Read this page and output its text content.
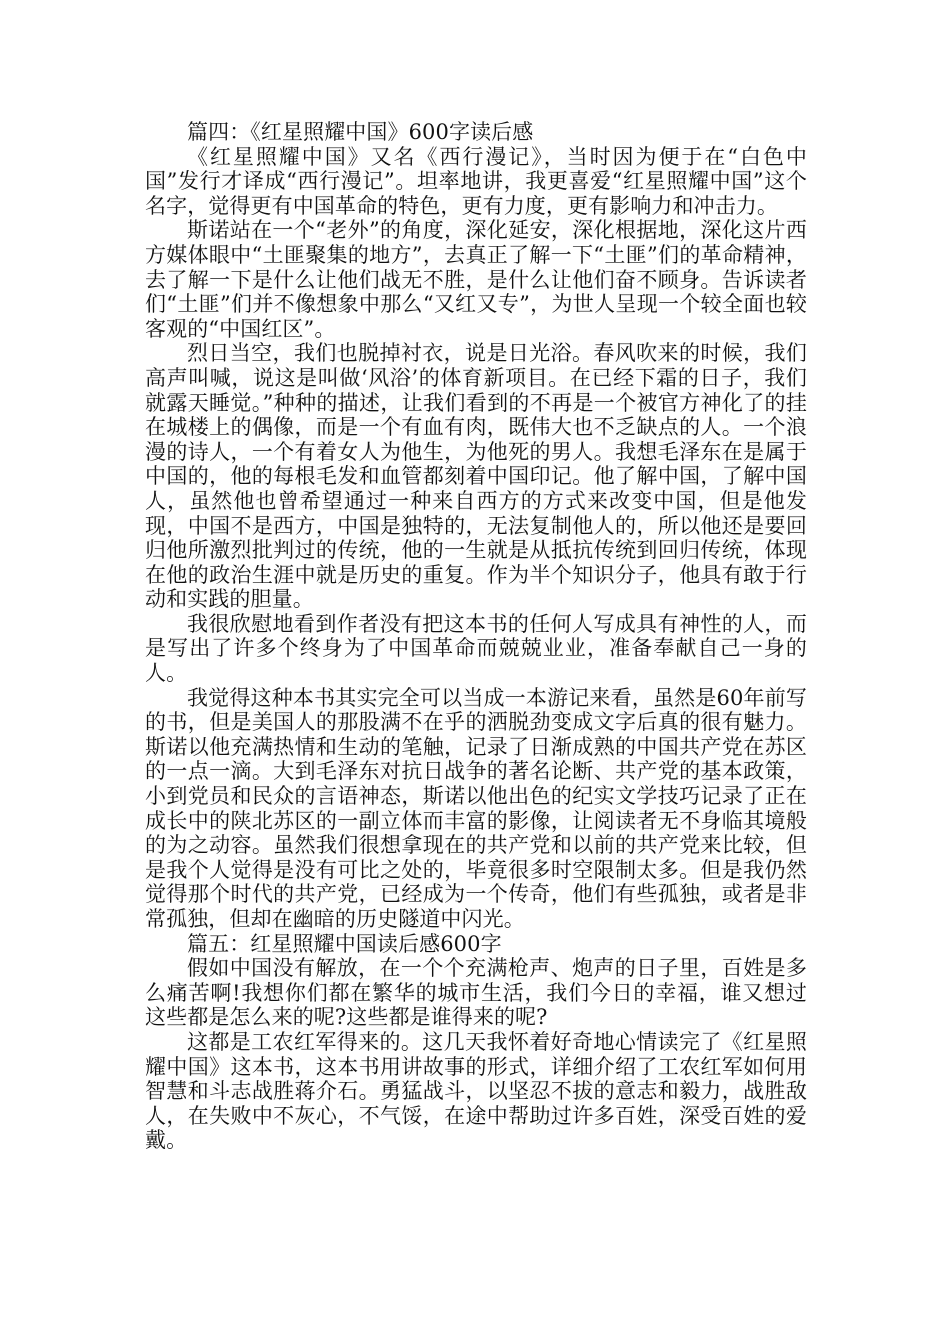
篇四：《红星照耀中国》600字读后感

《红星照耀中国》又名《西行漫记》，当时因为便于在“白色中国”发行才译成“西行漫记”。坦率地讲，我更喜爱“红星照耀中国”这个名字，觉得更有中国革命的特色，更有力度，更有影响力和冲击力。

斯诺站在一个“老外”的角度，深化延安，深化根据地，深化这片西方媒体眼中“土匪聚集的地方”，去真正了解一下“土匪”们的革命精神，去了解一下是什么让他们战无不胜，是什么让他们奋不顾身。告诉读者们“土匪”们并不像想象中那么“又红又专”，为世人呈现一个较全面也较客观的“中国红区”。

烈日当空，我们也脱掉衬衣，说是日光浴。春风吹来的时候，我们高声叫喊，说这是叫做‘风浴’的体育新项目。在已经下霜的日子，我们就露天睡觉。”种种的描述，让我们看到的不再是一个被官方神化了的挂在城楼上的偶像，而是一个有血有肉，既伟大也不乏缺点的人。一个浪漫的诗人，一个有着女人为他生，为他死的男人。我想毛泽东在是属于中国的，他的每根毛发和血管都刻着中国印记。他了解中国，了解中国人，虽然他也曾希望通过一种来自西方的方式来改变中国，但是他发现，中国不是西方，中国是独特的，无法复制他人的，所以他还是要回归他所激烈批判过的传统，他的一生就是从抵抗传统到回归传统，体现在他的政治生涯中就是历史的重复。作为半个知识分子，他具有敢于行动和实践的胆量。

我很欣慰地看到作者没有把这本书的任何人写成具有神性的人，而是写出了许多个终身为了中国革命而兢兢业业，准备奉献自己一身的人。

我觉得这种本书其实完全可以当成一本游记来看，虽然是60年前写的书，但是美国人的那股满不在乎的洒脱劲变成文字后真的很有魅力。斯诺以他充满热情和生动的笔触，记录了日渐成熟的中国共产党在苏区的一点一滴。大到毛泽东对抗日战争的著名论断、共产党的基本政策，小到党员和民众的言语神态，斯诺以他出色的纪实文学技巧记录了正在成长中的陕北苏区的一副立体而丰富的影像，让阅读者无不身临其境般的为之动容。虽然我们很想拿现在的共产党和以前的共产党来比较，但是我个人觉得是没有可比之处的，毕竟很多时空限制太多。但是我仍然觉得那个时代的共产党，已经成为一个传奇，他们有些孤独，或者是非常孤独，但却在幽暗的历史隧道中闪光。

篇五：红星照耀中国读后感600字

假如中国没有解放，在一个个充满枪声、炮声的日子里，百姓是多么痛苦啊!我想你们都在繁华的城市生活，我们今日的幸福，谁又想过这些都是怎么来的呢?这些都是谁得来的呢?

这都是工农红军得来的。这几天我怀着好奇地心情读完了《红星照耀中国》这本书，这本书用讲故事的形式，详细介绍了工农红军如何用智慧和斗志战胜蒋介石。勇猛战斗，以坚忍不拔的意志和毅力，战胜敌人，在失败中不灰心，不气馁，在途中帮助过许多百姓，深受百姓的爱戴。
